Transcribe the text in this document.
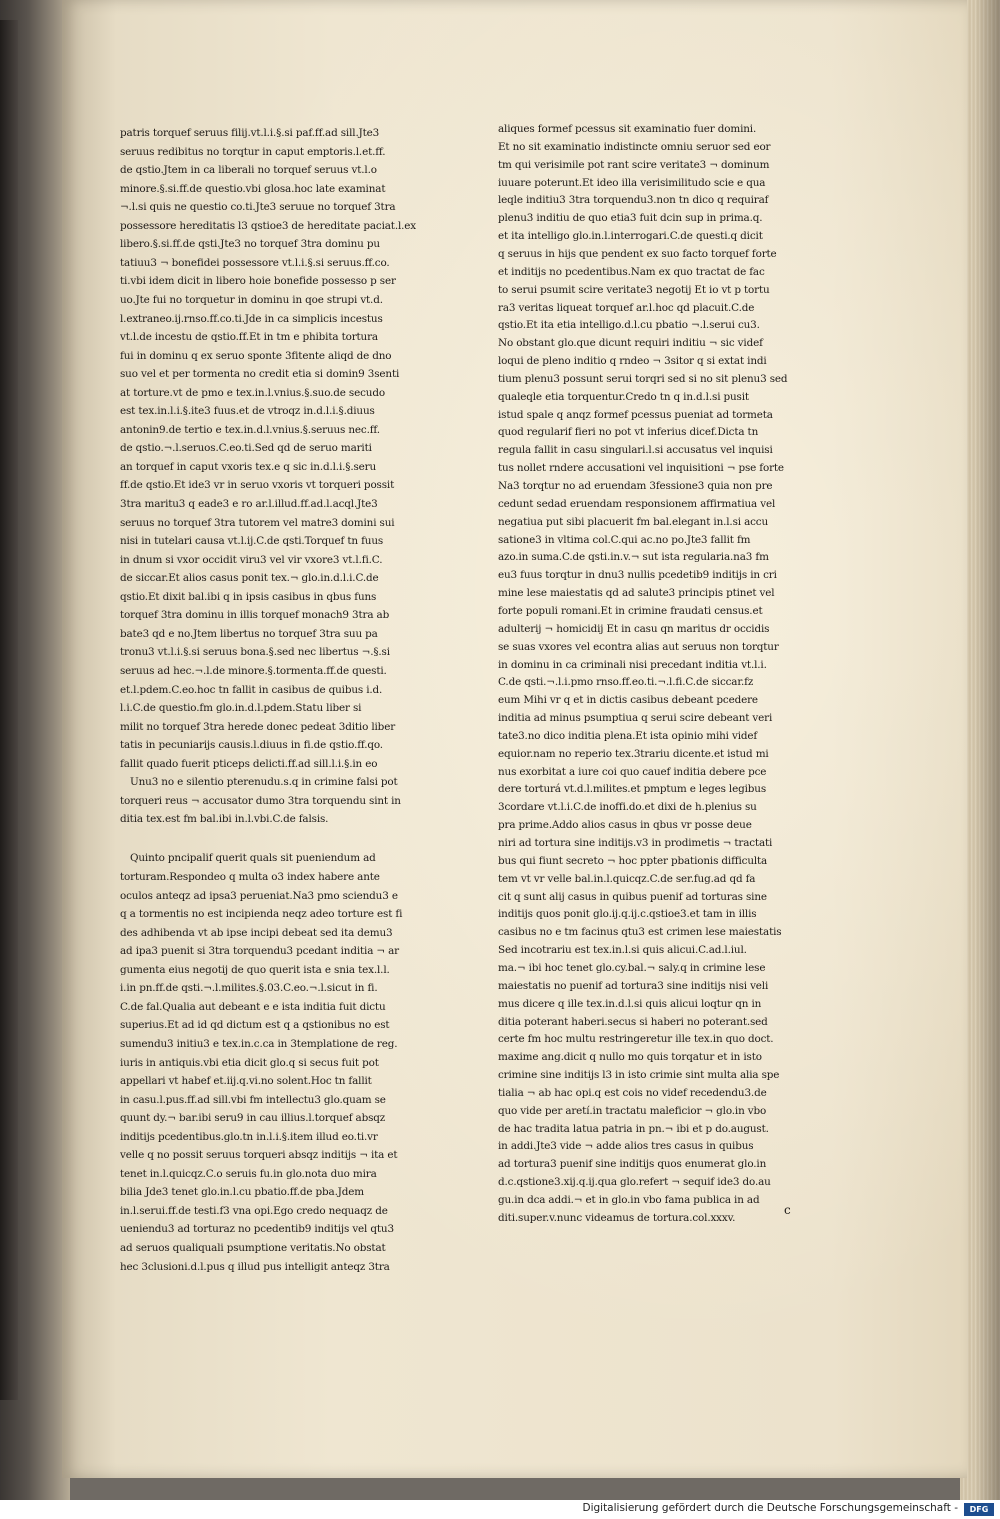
patris torquef seruus filij.vt.l.i.§.si paf.ff.ad sill.Jte3
seruus redibitus no torqtur in caput emptoris.l.et.ff.
de qstio.Jtem in ca liberali no torquef seruus vt.l.o
minore.§.si.ff.de questio.vbi glosa.hoc late examinat
¬.l.si quis ne questio co.ti.Jte3 seruue no torquef 3tra
possessore hereditatis l3 qstioe3 de hereditate paciat.l.ex
libero.§.si.ff.de qsti.Jte3 no torquef 3tra dominu pu
tatiuu3 ¬ bonefidei possessore vt.l.i.§.si seruus.ff.co.
ti.vbi idem dicit in libero hoie bonefide possesso p ser
uo.Jte fui no torquetur in dominu in qoe strupi vt.d.
l.extraneo.ij.rnso.ff.co.ti.Jde in ca simplicis incestus
vt.l.de incestu de qstio.ff.Et in tm e phibita tortura
fui in dominu q ex seruo sponte 3fitente aliqd de dno
suo vel et per tormenta no credit etia si domin9 3senti
at torture.vt de pmo e tex.in.l.vnius.§.suo.de secudo
est tex.in.l.i.§.ite3 fuus.et de vtroqz in.d.l.i.§.diuus
antonin9.de tertio e tex.in.d.l.vnius.§.seruus nec.ff.
de qstio.¬.l.seruos.C.eo.ti.Sed qd de seruo mariti
an torquef in caput vxoris tex.e q sic in.d.l.i.§.seru
ff.de qstio.Et ide3 vr in seruo vxoris vt torqueri possit
3tra maritu3 q eade3 e ro ar.l.illud.ff.ad.l.acql.Jte3
seruus no torquef 3tra tutorem vel matre3 domini sui
nisi in tutelari causa vt.l.ij.C.de qsti.Torquef tn fuus
in dnum si vxor occidit viru3 vel vir vxore3 vt.l.fi.C.
de siccar.Et alios casus ponit tex.¬ glo.in.d.l.i.C.de
qstio.Et dixit bal.ibi q in ipsis casibus in qbus funs
torquef 3tra dominu in illis torquef monach9 3tra ab
bate3 qd e no.Jtem libertus no torquef 3tra suu pa
tronu3 vt.l.i.§.si seruus bona.§.sed nec libertus ¬.§.si
seruus ad hec.¬.l.de minore.§.tormenta.ff.de questi.
et.l.pdem.C.eo.hoc tn fallit in casibus de quibus i.d.
l.i.C.de questio.fm glo.in.d.l.pdem.Statu liber si
milit no torquef 3tra herede donec pedeat 3ditio liber
tatis in pecuniarijs causis.l.diuus in fi.de qstio.ff.qo.
fallit quado fuerit pticeps delicti.ff.ad sill.l.i.§.in eo
Unu3 no e silentio pterenudu.s.q in crimine falsi pot
torqueri reus ¬ accusator dumo 3tra torquendu sint in
ditia tex.est fm bal.ibi in.l.vbi.C.de falsis.
Quinto pncipalif querit quals sit pueniendum ad
torturam.Respondeo q multa o3 index habere ante
oculos anteqz ad ipsa3 perueniat.Na3 pmo sciendu3 e
q a tormentis no est incipienda neqz adeo torture est fi
des adhibenda vt ab ipse incipi debeat sed ita demu3
ad ipa3 puenit si 3tra torquendu3 pcedant inditia ¬ ar
gumenta eius negotij de quo querit ista e snia tex.l.l.
i.in pn.ff.de qsti.¬.l.milites.§.03.C.eo.¬.l.sicut in fi.
C.de fal.Qualia aut debeant e e ista inditia fuit dictu
superius.Et ad id qd dictum est q a qstionibus no est
sumendu3 initiu3 e tex.in.c.ca in 3templatione de reg.
iuris in antiquis.vbi etia dicit glo.q si secus fuit pot
appellari vt habef et.iij.q.vi.no solent.Hoc tn fallit
in casu.l.pus.ff.ad sill.vbi fm intellectu3 glo.quam se
quunt dy.¬ bar.ibi seru9 in cau illius.l.torquef absqz
inditijs pcedentibus.glo.tn in.l.i.§.item illud eo.ti.vr
velle q no possit seruus torqueri absqz inditijs ¬ ita et
tenet in.l.quicqz.C.o seruis fu.in glo.nota duo mira
bilia Jde3 tenet glo.in.l.cu pbatio.ff.de pba.Jdem
in.l.serui.ff.de testi.f3 vna opi.Ego credo nequaqz de
ueniendu3 ad torturaz no pcedentib9 inditijs vel qtu3
ad seruos qualiquali psumptione veritatis.No obstat
hec 3clusioni.d.l.pus q illud pus intelligit anteqz 3tra
aliques formef pcessus sit examinatio fuer domini.
Et no sit examinatio indistincte omniu seruor sed eor
tm qui verisimile pot rant scire veritate3 ¬ dominum
iuuare poterunt.Et ideo illa verisimilitudo scie e qua
leqle inditiu3 3tra torquendu3.non tn dico q requiraf
plenu3 inditiu de quo etia3 fuit dcin sup in prima.q.
et ita intelligo glo.in.l.interrogari.C.de questi.q dicit
q seruus in hijs que pendent ex suo facto torquef forte
et inditijs no pcedentibus.Nam ex quo tractat de fac
to serui psumit scire veritate3 negotij Et io vt p tortu
ra3 veritas liqueat torquef ar.l.hoc qd placuit.C.de
qstio.Et ita etia intelligo.d.l.cu pbatio ¬.l.serui cu3.
No obstant glo.que dicunt requiri inditiu ¬ sic videf
loqui de pleno inditio q rndeo ¬ 3sitor q si extat indi
tium plenu3 possunt serui torqri sed si no sit plenu3 sed
qualeqle etia torquentur.Credo tn q in.d.l.si pusit
istud spale q anqz formef pcessus pueniat ad tormeta
quod regularif fieri no pot vt inferius dicef.Dicta tn
regula fallit in casu singulari.l.si accusatus vel inquisi
tus nollet rndere accusationi vel inquisitioni ¬ pse forte
Na3 torqtur no ad eruendam 3fessione3 quia non pre
cedunt sedad eruendam responsionem affirmatiua vel
negatiua put sibi placuerit fm bal.elegant in.l.si accu
satione3 in vltima col.C.qui ac.no po.Jte3 fallit fm
azo.in suma.C.de qsti.in.v.¬ sut ista regularia.na3 fm
eu3 fuus torqtur in dnu3 nullis pcedetib9 inditijs in cri
mine lese maiestatis qd ad salute3 principis ptinet vel
forte populi romani.Et in crimine fraudati census.et
adulterij ¬ homicidij Et in casu qn maritus dr occidis
se suas vxores vel econtra alias aut seruus non torqtur
in dominu in ca criminali nisi precedant inditia vt.l.i.
C.de qsti.¬.l.i.pmo rnso.ff.eo.ti.¬.l.fi.C.de siccar.fz
eum Mihi vr q et in dictis casibus debeant pcedere
inditia ad minus psumptiua q serui scire debeant veri
tate3.no dico inditia plena.Et ista opinio mihi videf
equior.nam no reperio tex.3trariu dicente.et istud mi
nus exorbitat a iure coi quo cauef inditia debere pce
dere torturá vt.d.l.milites.et pmptum e leges legibus
3cordare vt.l.i.C.de inoffi.do.et dixi de h.plenius su
pra prime.Addo alios casus in qbus vr posse deue
niri ad tortura sine inditijs.v3 in prodimetis ¬ tractati
bus qui fiunt secreto ¬ hoc ppter pbationis difficulta
tem vt vr velle bal.in.l.quicqz.C.de ser.fug.ad qd fa
cit q sunt alij casus in quibus puenif ad torturas sine
inditijs quos ponit glo.ij.q.ij.c.qstioe3.et tam in illis
casibus no e tm facinus qtu3 est crimen lese maiestatis
Sed incotrariu est tex.in.l.si quis alicui.C.ad.l.iul.
ma.¬ ibi hoc tenet glo.cy.bal.¬ saly.q in crimine lese
maiestatis no puenif ad tortura3 sine inditijs nisi veli
mus dicere q ille tex.in.d.l.si quis alicui loqtur qn in
ditia poterant haberi.secus si haberi no poterant.sed
certe fm hoc multu restringeretur ille tex.in quo doct.
maxime ang.dicit q nullo mo quis torqatur et in isto
crimine sine inditijs l3 in isto crimie sint multa alia spe
tialia ¬ ab hac opi.q est cois no videf recedendu3.de
quo vide per aretí.in tractatu maleficior ¬ glo.in vbo
de hac tradita latua patria in pn.¬ ibi et p do.august.
in addi.Jte3 vide ¬ adde alios tres casus in quibus
ad tortura3 puenif sine inditijs quos enumerat glo.in
d.c.qstione3.xij.q.ij.qua glo.refert ¬ sequif ide3 do.au
gu.in dca addi.¬ et in glo.in vbo fama publica in ad
diti.super.v.nunc videamus de tortura.col.xxxv.
c
Digitalisierung gefördert durch die Deutsche Forschungsgemeinschaft -	DFG
